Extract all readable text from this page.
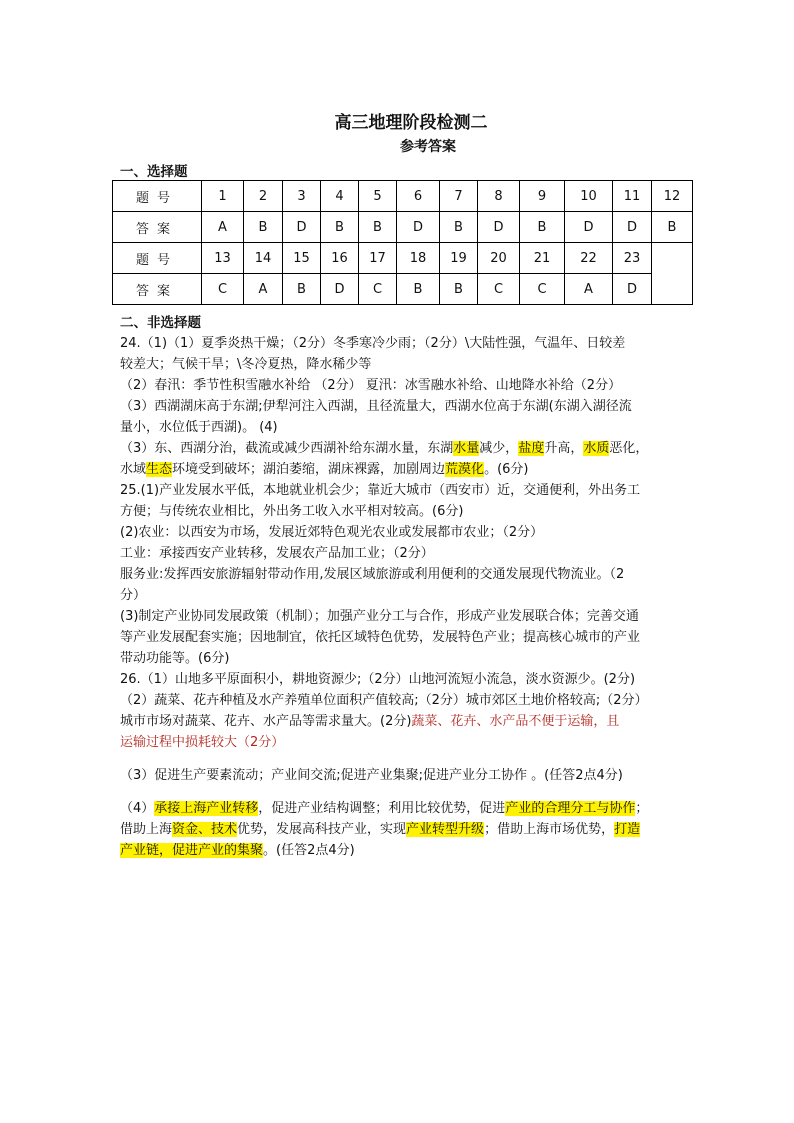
高三地理阶段检测二
参考答案
一、选择题
题号	1	2	3	4	5	6	7	8	9	10	11	12
答案	A	B	D	B	B	D	B	D	B	D	D	B
题号	13	14	15	16	17	18	19	20	21	22	23	
答案	C	A	B	D	C	B	B	C	C	A	D	
二、非选择题

24.（1)（1）夏季炎热干燥；（2分）冬季寒冷少雨；（2分）\大陆性强，气温年、日较差

较差大；气候干旱；\冬冷夏热，降水稀少等

（2）春汛：季节性积雪融水补给 （2分） 夏汛：冰雪融水补给、山地降水补给（2分）

（3）西湖湖床高于东湖;伊犁河注入西湖，且径流量大，西湖水位高于东湖(东湖入湖径流

量小，水位低于西湖)。 (4)

（3）东、西湖分治，截流或减少西湖补给东湖水量，东湖水量减少，盐度升高，水质恶化，

水域生态环境受到破坏；湖泊萎缩，湖床裸露，加剧周边荒漠化。(6分)

25.(1)产业发展水平低，本地就业机会少；靠近大城市（西安市）近，交通便利，外出务工

方便；与传统农业相比，外出务工收入水平相对较高。(6分)

(2)农业：以西安为市场，发展近郊特色观光农业或发展都市农业；（2分）

工业：承接西安产业转移，发展农产品加工业；（2分）

服务业:发挥西安旅游辐射带动作用,发展区域旅游或利用便利的交通发展现代物流业。（2

分）

(3)制定产业协同发展政策（机制）；加强产业分工与合作，形成产业发展联合体；完善交通

等产业发展配套实施；因地制宜，依托区域特色优势，发展特色产业；提高核心城市的产业

带动功能等。(6分)

26.（1）山地多平原面积小，耕地资源少;（2分）山地河流短小流急，淡水资源少。(2分)

（2）蔬菜、花卉种植及水产养殖单位面积产值较高;（2分）城市郊区土地价格较高;（2分）

城市市场对蔬菜、花卉、水产品等需求量大。(2分)蔬菜、花卉、水产品不便于运输，且

运输过程中损耗较大（2分）

（3）促进生产要素流动；产业间交流;促进产业集聚;促进产业分工协作 。(任答2点4分)

（4）承接上海产业转移，促进产业结构调整；利用比较优势，促进产业的合理分工与协作；

借助上海资金、技术优势，发展高科技产业，实现产业转型升级；借助上海市场优势，打造

产业链，促进产业的集聚。(任答2点4分)
